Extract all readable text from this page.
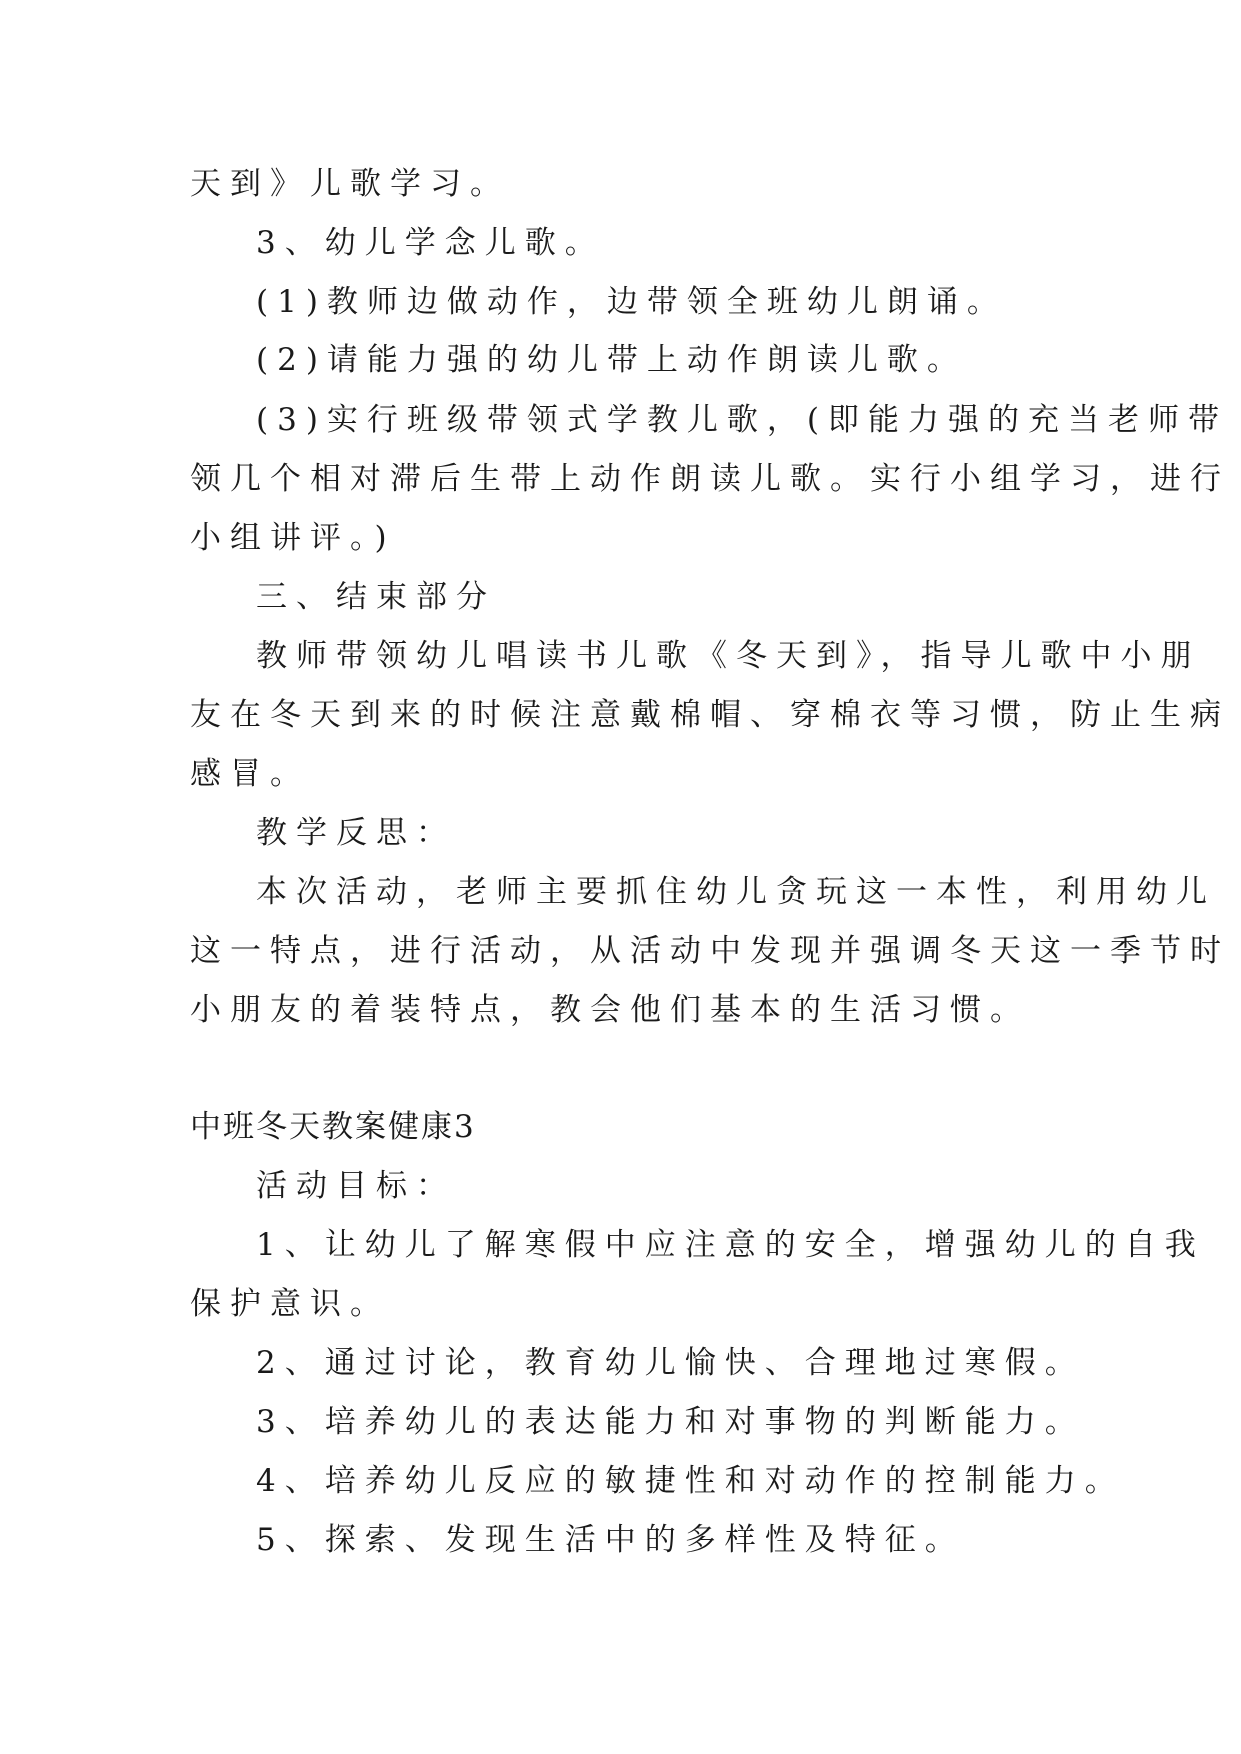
天到》儿歌学习。
3、幼儿学念儿歌。
(1)教师边做动作，边带领全班幼儿朗诵。
(2)请能力强的幼儿带上动作朗读儿歌。
(3)实行班级带领式学教儿歌，(即能力强的充当老师带
领几个相对滞后生带上动作朗读儿歌。实行小组学习，进行
小组讲评。)
三、结束部分
教师带领幼儿唱读书儿歌《冬天到》，指导儿歌中小朋
友在冬天到来的时候注意戴棉帽、穿棉衣等习惯，防止生病
感冒。
教学反思：
本次活动，老师主要抓住幼儿贪玩这一本性，利用幼儿
这一特点，进行活动，从活动中发现并强调冬天这一季节时
小朋友的着装特点，教会他们基本的生活习惯。
中班冬天教案健康3
活动目标：
1、让幼儿了解寒假中应注意的安全，增强幼儿的自我
保护意识。
2、通过讨论，教育幼儿愉快、合理地过寒假。
3、培养幼儿的表达能力和对事物的判断能力。
4、培养幼儿反应的敏捷性和对动作的控制能力。
5、探索、发现生活中的多样性及特征。
